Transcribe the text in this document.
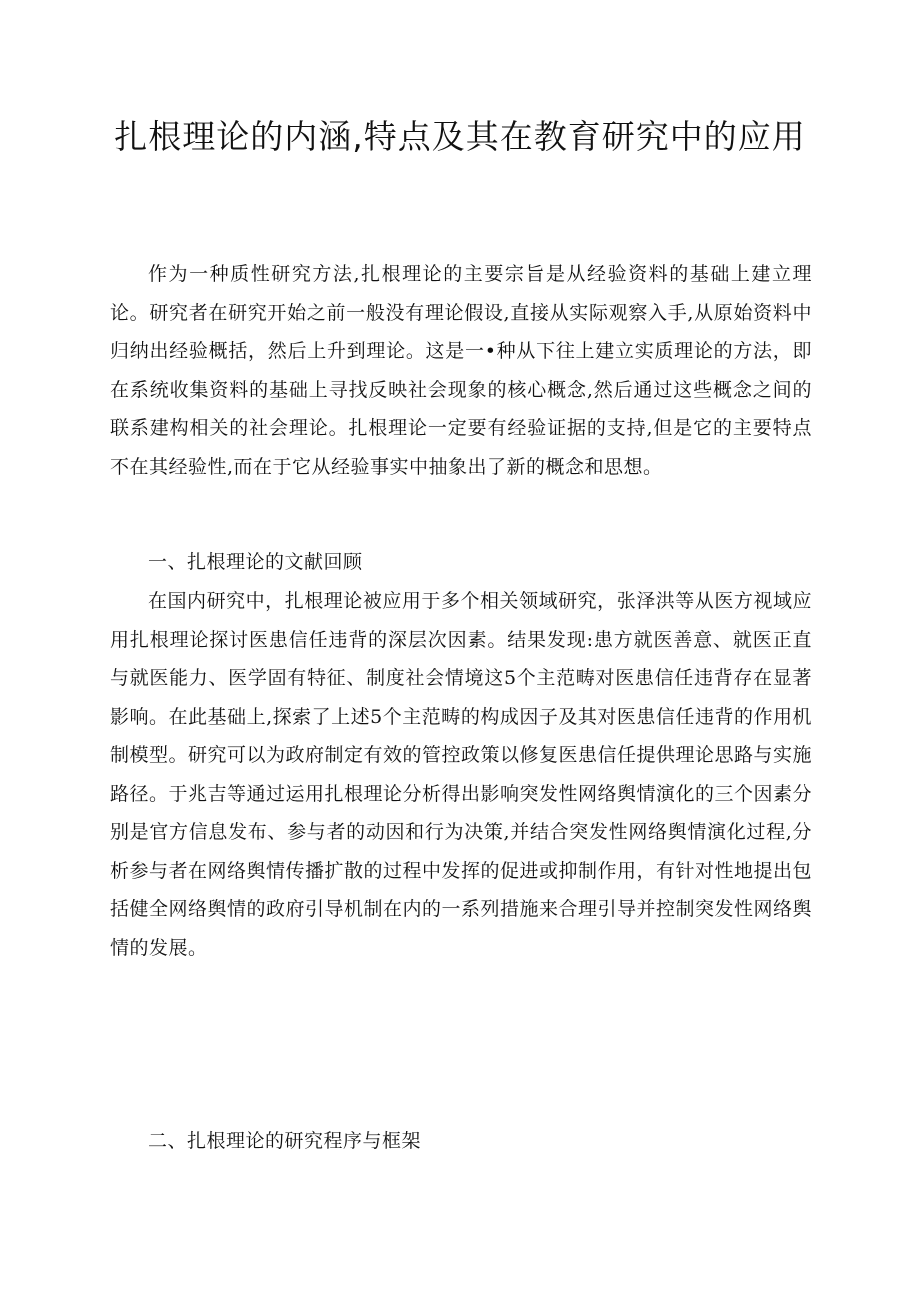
扎根理论的内涵,特点及其在教育研究中的应用

作为一种质性研究方法,扎根理论的主要宗旨是从经验资料的基础上建立理论。研究者在研究开始之前一般没有理论假设,直接从实际观察入手,从原始资料中归纳出经验概括，然后上升到理论。这是一•种从下往上建立实质理论的方法，即在系统收集资料的基础上寻找反映社会现象的核心概念,然后通过这些概念之间的联系建构相关的社会理论。扎根理论一定要有经验证据的支持,但是它的主要特点不在其经验性,而在于它从经验事实中抽象出了新的概念和思想。

一、扎根理论的文献回顾

在国内研究中，扎根理论被应用于多个相关领域研究，张泽洪等从医方视域应用扎根理论探讨医患信任违背的深层次因素。结果发现:患方就医善意、就医正直与就医能力、医学固有特征、制度社会情境这5个主范畴对医患信任违背存在显著影响。在此基础上,探索了上述5个主范畴的构成因子及其对医患信任违背的作用机制模型。研究可以为政府制定有效的管控政策以修复医患信任提供理论思路与实施路径。于兆吉等通过运用扎根理论分析得出影响突发性网络舆情演化的三个因素分别是官方信息发布、参与者的动因和行为决策,并结合突发性网络舆情演化过程,分析参与者在网络舆情传播扩散的过程中发挥的促进或抑制作用，有针对性地提出包括健全网络舆情的政府引导机制在内的一系列措施来合理引导并控制突发性网络舆情的发展。

二、扎根理论的研究程序与框架
